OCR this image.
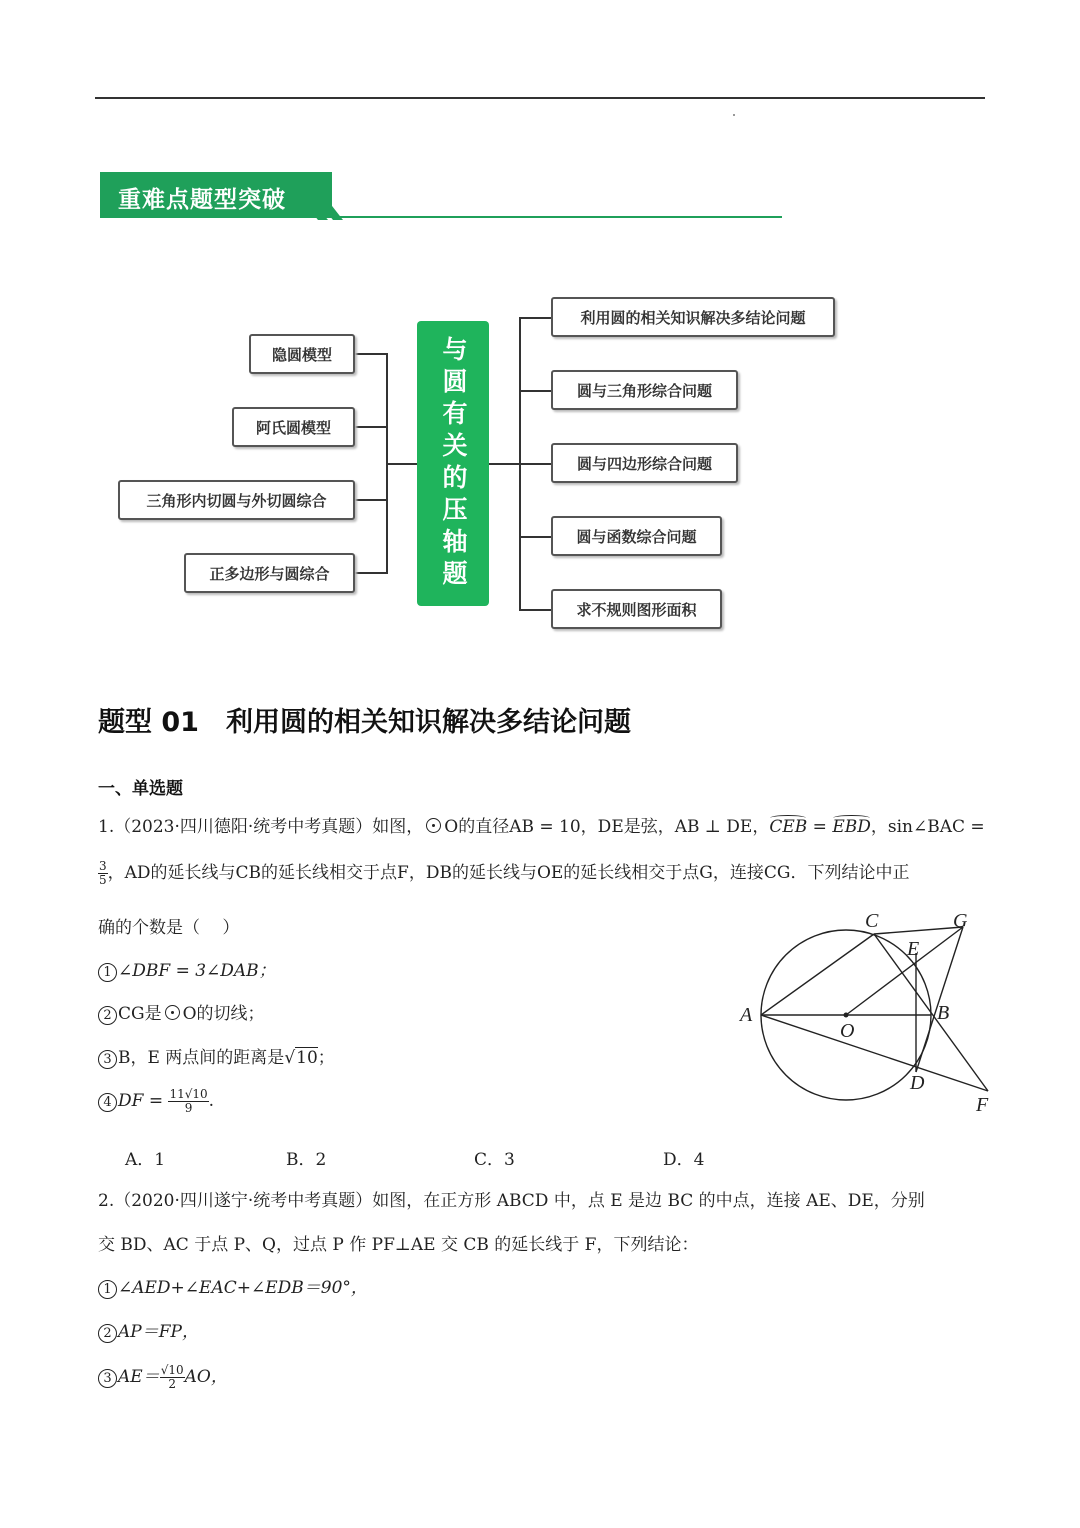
重难点题型突破
隐圆模型
阿氏圆模型
三角形内切圆与外切圆综合
正多边形与圆综合	与圆有关的压轴题
利用圆的相关知识解决多结论问题
圆与三角形综合问题
圆与四边形综合问题
圆与函数综合问题
求不规则图形面积
题型 01　利用圆的相关知识解决多结论问题
一、单选题
1.（2023·四川德阳·统考中考真题）如图， O的直径AB = 10，DE是弦，AB ⊥ DE，CEB = EBD，sin∠BAC =
$\frac{3}{5}$ ，AD的延长线与CB的延长线相交于点F，DB的延长线与OE的延长线相交于点G，连接CG．下列结论中正
确的个数是（　 ）
1 ∠DBF = 3∠DAB；
2 CG是 O的切线；
3 B，E 两点间的距离是√10；
4 DF = $\frac{11√10}{9}$ .
A．1	B．2	C．3	D．4
C	G
E
A
O
B
D
F
2.（2020·四川遂宁·统考中考真题）如图，在正方形 ABCD 中，点 E 是边 BC 的中点，连接 AE、DE，分别
交 BD、AC 于点 P、Q，过点 P 作 PF⊥AE 交 CB 的延长线于 F，下列结论：
1 ∠AED+∠EAC+∠EDB＝90°，
2 AP＝FP，
3 $AE= \frac{√10}{2}$ AO，
